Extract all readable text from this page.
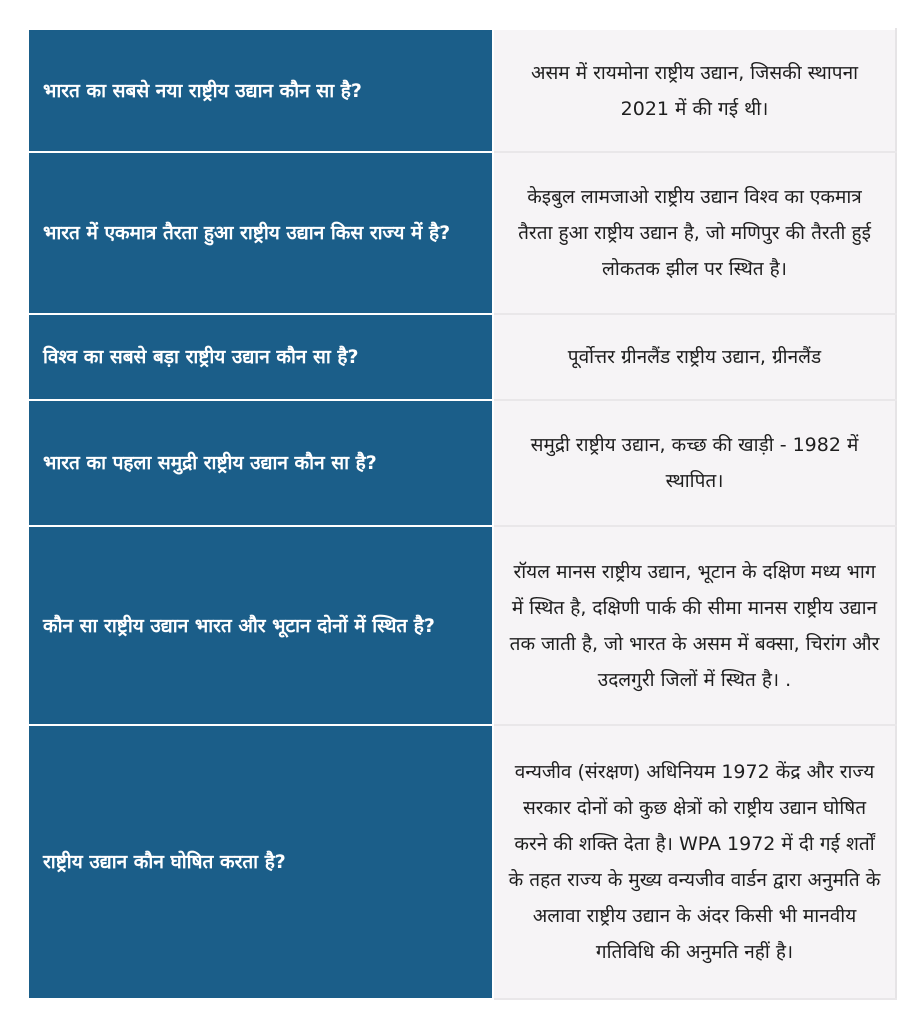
भारत का सबसे नया राष्ट्रीय उद्यान कौन सा है?	असम में रायमोना राष्ट्रीय उद्यान, जिसकी स्थापना 2021 में की गई थी।
भारत में एकमात्र तैरता हुआ राष्ट्रीय उद्यान किस राज्य में है?	केइबुल लामजाओ राष्ट्रीय उद्यान विश्व का एकमात्र तैरता हुआ राष्ट्रीय उद्यान है, जो मणिपुर की तैरती हुई लोकतक झील पर स्थित है।
विश्व का सबसे बड़ा राष्ट्रीय उद्यान कौन सा है?	पूर्वोत्तर ग्रीनलैंड राष्ट्रीय उद्यान, ग्रीनलैंड
भारत का पहला समुद्री राष्ट्रीय उद्यान कौन सा है?	समुद्री राष्ट्रीय उद्यान, कच्छ की खाड़ी - 1982 में स्थापित।
कौन सा राष्ट्रीय उद्यान भारत और भूटान दोनों में स्थित है?	रॉयल मानस राष्ट्रीय उद्यान, भूटान के दक्षिण मध्य भाग में स्थित है, दक्षिणी पार्क की सीमा मानस राष्ट्रीय उद्यान तक जाती है, जो भारत के असम में बक्सा, चिरांग और उदलगुरी जिलों में स्थित है। .
राष्ट्रीय उद्यान कौन घोषित करता है?	वन्यजीव (संरक्षण) अधिनियम 1972 केंद्र और राज्य सरकार दोनों को कुछ क्षेत्रों को राष्ट्रीय उद्यान घोषित करने की शक्ति देता है। WPA 1972 में दी गई शर्तों के तहत राज्य के मुख्य वन्यजीव वार्डन द्वारा अनुमति के अलावा राष्ट्रीय उद्यान के अंदर किसी भी मानवीय गतिविधि की अनुमति नहीं है।
